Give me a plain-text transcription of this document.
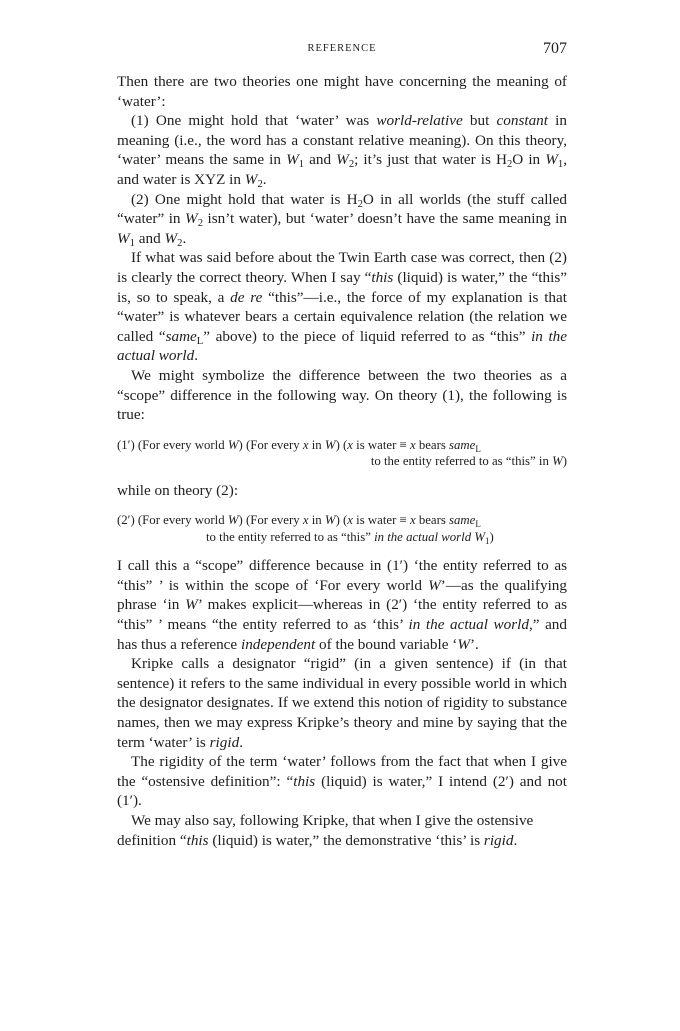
REFERENCE	707

Then there are two theories one might have concerning the meaning of ‘water’:

(1) One might hold that ‘water’ was world-relative but constant in meaning (i.e., the word has a constant relative meaning). On this theory, ‘water’ means the same in $W_1$ and $W_2$; it’s just that water is $H_2O$ in $W_1$, and water is XYZ in $W_2$.

(2) One might hold that water is $H_2O$ in all worlds (the stuff called “water” in $W_2$ isn’t water), but ‘water’ doesn’t have the same meaning in $W_1$ and $W_2$.

If what was said before about the Twin Earth case was correct, then (2) is clearly the correct theory. When I say “this (liquid) is water,” the “this” is, so to speak, a de re “this”—i.e., the force of my explanation is that “water” is whatever bears a certain equivalence relation (the relation we called “same$_L$” above) to the piece of liquid referred to as “this” in the actual world.

We might symbolize the difference between the two theories as a “scope” difference in the following way. On theory (1), the following is true:

(1′) (For every world W) (For every x in W) (x is water ≡ x bears same$_L$
to the entity referred to as “this” in W)

while on theory (2):

(2′) (For every world W) (For every x in W) (x is water ≡ x bears same$_L$
to the entity referred to as “this” in the actual world $W_1$)

I call this a “scope” difference because in (1′) ‘the entity referred to as “this” ’ is within the scope of ‘For every world W’—as the qualifying phrase ‘in W’ makes explicit—whereas in (2′) ‘the entity referred to as “this” ’ means “the entity referred to as ‘this’ in the actual world,” and has thus a reference independent of the bound variable ‘W’.

Kripke calls a designator “rigid” (in a given sentence) if (in that sentence) it refers to the same individual in every possible world in which the designator designates. If we extend this notion of rigidity to substance names, then we may express Kripke’s theory and mine by saying that the term ‘water’ is rigid.

The rigidity of the term ‘water’ follows from the fact that when I give the “ostensive definition”: “this (liquid) is water,” I intend (2′) and not (1′).

We may also say, following Kripke, that when I give the ostensive definition “this (liquid) is water,” the demonstrative ‘this’ is rigid.
